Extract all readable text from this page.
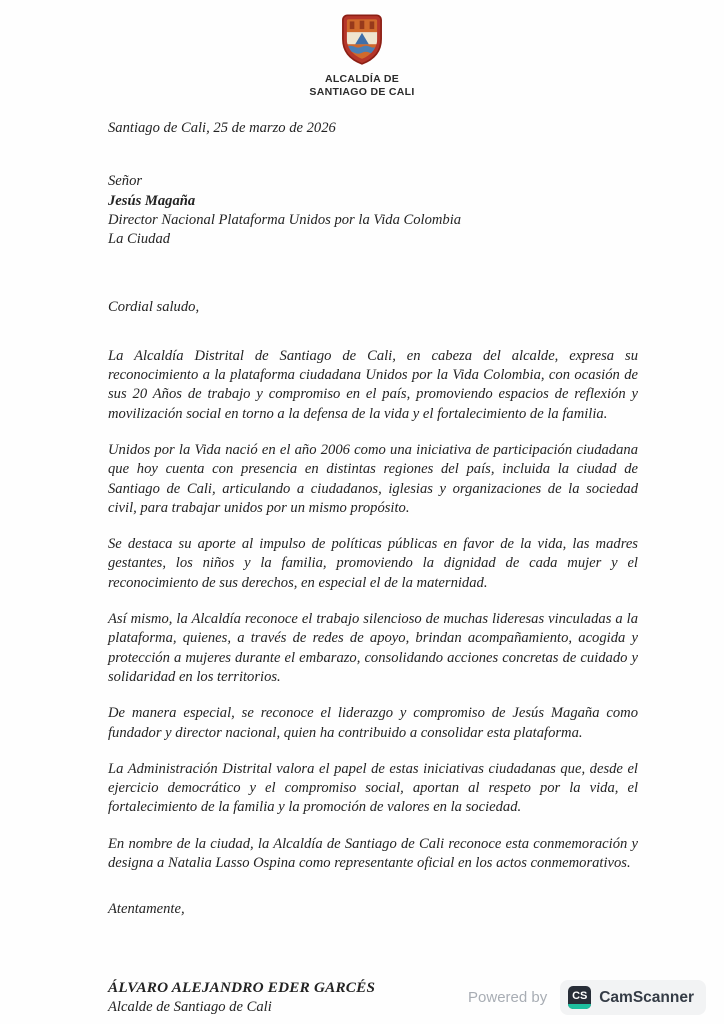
ALCALDÍA DE
SANTIAGO DE CALI
Santiago de Cali, 25 de marzo de 2026
Señor
Jesús Magaña
Director Nacional Plataforma Unidos por la Vida Colombia
La Ciudad
Cordial saludo,

La Alcaldía Distrital de Santiago de Cali, en cabeza del alcalde, expresa su reconocimiento a la plataforma ciudadana Unidos por la Vida Colombia, con ocasión de sus 20 Años de trabajo y compromiso en el país, promoviendo espacios de reflexión y movilización social en torno a la defensa de la vida y el fortalecimiento de la familia.

Unidos por la Vida nació en el año 2006 como una iniciativa de participación ciudadana que hoy cuenta con presencia en distintas regiones del país, incluida la ciudad de Santiago de Cali, articulando a ciudadanos, iglesias y organizaciones de la sociedad civil, para trabajar unidos por un mismo propósito.

Se destaca su aporte al impulso de políticas públicas en favor de la vida, las madres gestantes, los niños y la familia, promoviendo la dignidad de cada mujer y el reconocimiento de sus derechos, en especial el de la maternidad.

Así mismo, la Alcaldía reconoce el trabajo silencioso de muchas lideresas vinculadas a la plataforma, quienes, a través de redes de apoyo, brindan acompañamiento, acogida y protección a mujeres durante el embarazo, consolidando acciones concretas de cuidado y solidaridad en los territorios.

De manera especial, se reconoce el liderazgo y compromiso de Jesús Magaña como fundador y director nacional, quien ha contribuido a consolidar esta plataforma.

La Administración Distrital valora el papel de estas iniciativas ciudadanas que, desde el ejercicio democrático y el compromiso social, aportan al respeto por la vida, el fortalecimiento de la familia y la promoción de valores en la sociedad.

En nombre de la ciudad, la Alcaldía de Santiago de Cali reconoce esta conmemoración y designa a Natalia Lasso Ospina como representante oficial en los actos conmemorativos.

Atentamente,
ÁLVARO ALEJANDRO EDER GARCÉS
Alcalde de Santiago de Cali
Powered by CS CamScanner
